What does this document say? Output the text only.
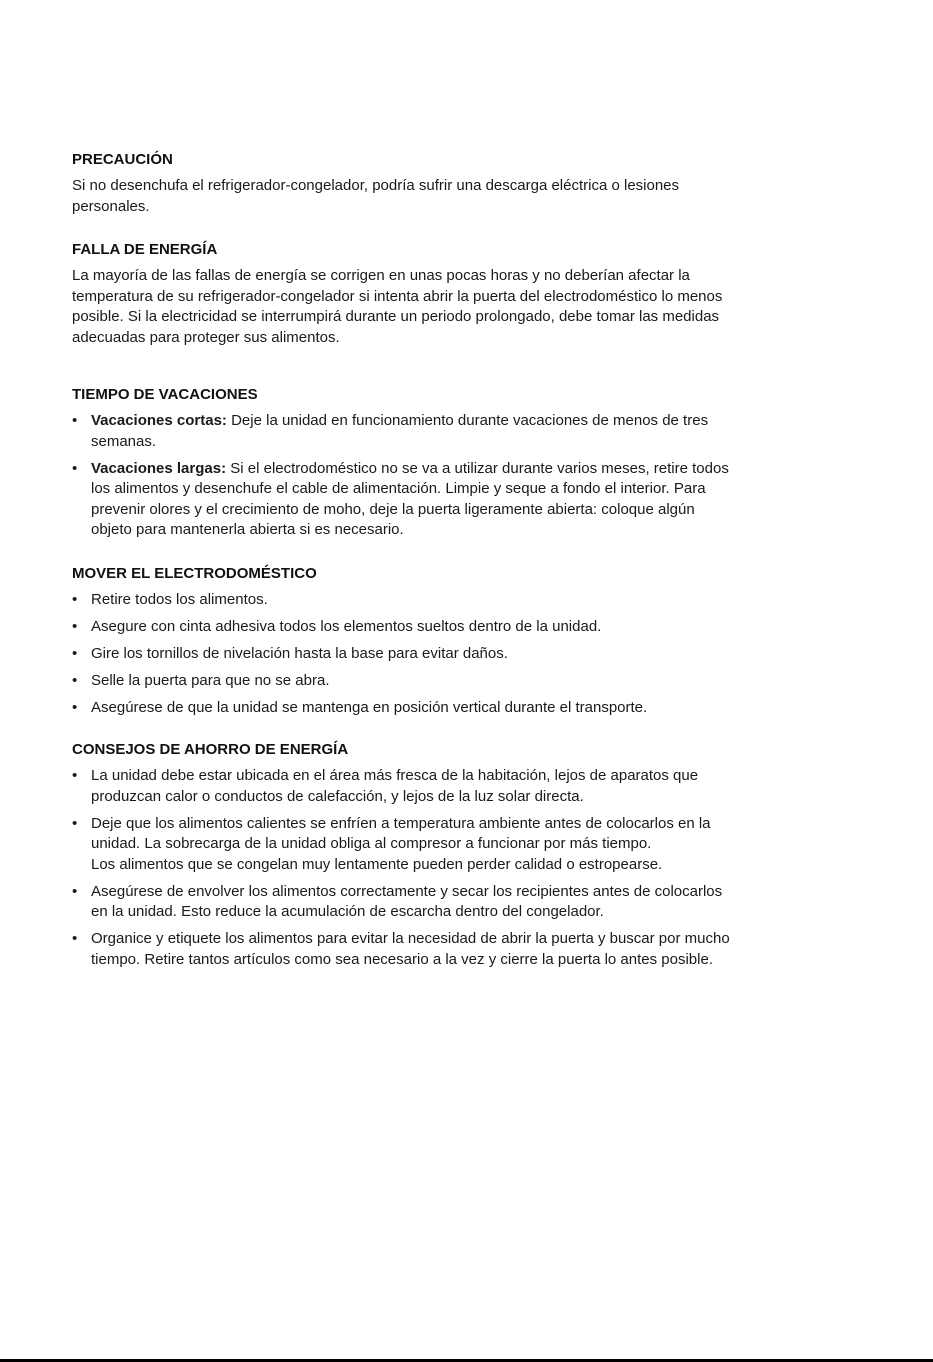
PRECAUCIÓN

Si no desenchufa el refrigerador-congelador, podría sufrir una descarga eléctrica o lesiones
personales.

FALLA DE ENERGÍA

La mayoría de las fallas de energía se corrigen en unas pocas horas y no deberían afectar la
temperatura de su refrigerador-congelador si intenta abrir la puerta del electrodoméstico lo menos
posible. Si la electricidad se interrumpirá durante un periodo prolongado, debe tomar las medidas
adecuadas para proteger sus alimentos.

TIEMPO DE VACACIONES
• Vacaciones cortas: Deje la unidad en funcionamiento durante vacaciones de menos de tres
semanas.
• Vacaciones largas: Si el electrodoméstico no se va a utilizar durante varios meses, retire todos
los alimentos y desenchufe el cable de alimentación. Limpie y seque a fondo el interior. Para
prevenir olores y el crecimiento de moho, deje la puerta ligeramente abierta: coloque algún
objeto para mantenerla abierta si es necesario.
MOVER EL ELECTRODOMÉSTICO
• Retire todos los alimentos.
• Asegure con cinta adhesiva todos los elementos sueltos dentro de la unidad.
• Gire los tornillos de nivelación hasta la base para evitar daños.
• Selle la puerta para que no se abra.
• Asegúrese de que la unidad se mantenga en posición vertical durante el transporte.
CONSEJOS DE AHORRO DE ENERGÍA
• La unidad debe estar ubicada en el área más fresca de la habitación, lejos de aparatos que
produzcan calor o conductos de calefacción, y lejos de la luz solar directa.
• Deje que los alimentos calientes se enfríen a temperatura ambiente antes de colocarlos en la
unidad. La sobrecarga de la unidad obliga al compresor a funcionar por más tiempo.
Los alimentos que se congelan muy lentamente pueden perder calidad o estropearse.
• Asegúrese de envolver los alimentos correctamente y secar los recipientes antes de colocarlos
en la unidad. Esto reduce la acumulación de escarcha dentro del congelador.
• Organice y etiquete los alimentos para evitar la necesidad de abrir la puerta y buscar por mucho
tiempo. Retire tantos artículos como sea necesario a la vez y cierre la puerta lo antes posible.
